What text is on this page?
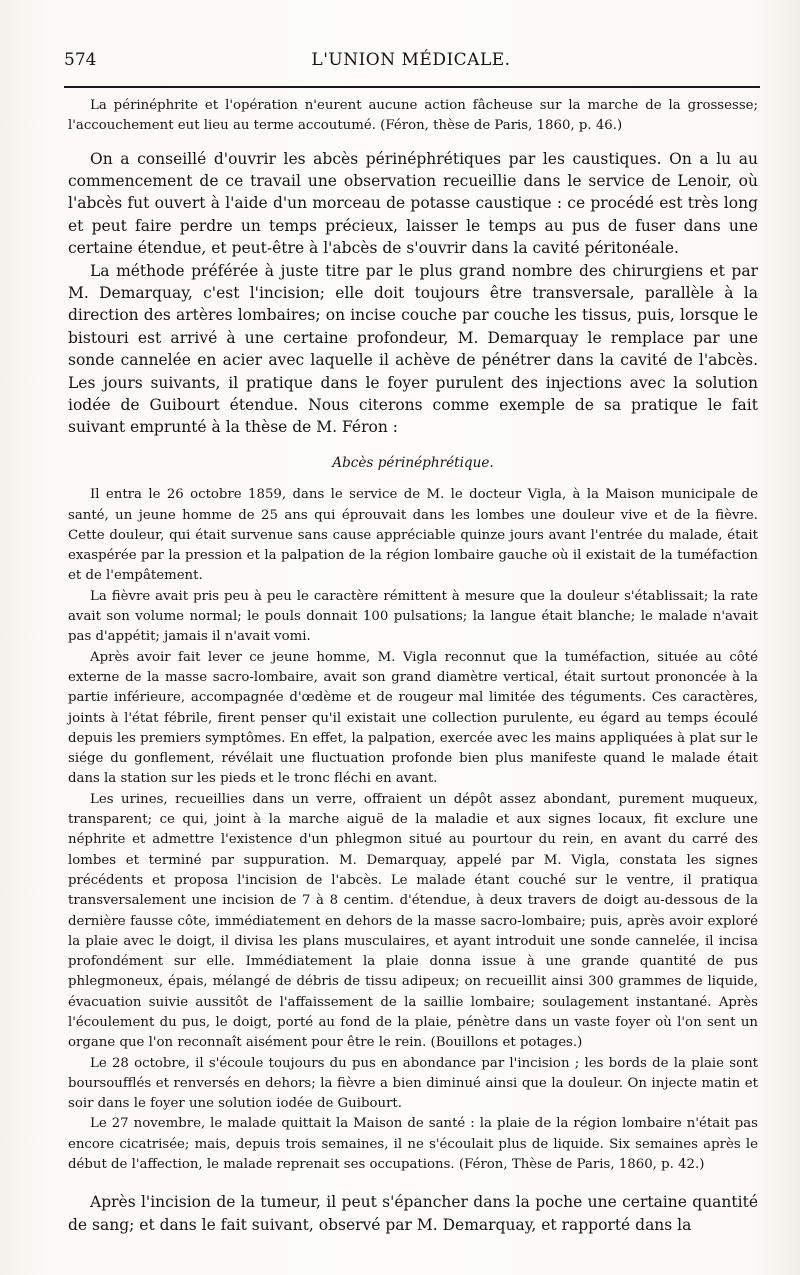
574	L'UNION MÉDICALE.

La périnéphrite et l'opération n'eurent aucune action fâcheuse sur la marche de la grossesse; l'accouchement eut lieu au terme accoutumé. (Féron, thèse de Paris, 1860, p. 46.)

On a conseillé d'ouvrir les abcès périnéphrétiques par les caustiques. On a lu au commencement de ce travail une observation recueillie dans le service de Lenoir, où l'abcès fut ouvert à l'aide d'un morceau de potasse caustique : ce procédé est très long et peut faire perdre un temps précieux, laisser le temps au pus de fuser dans une certaine étendue, et peut-être à l'abcès de s'ouvrir dans la cavité péritonéale.

La méthode préférée à juste titre par le plus grand nombre des chirurgiens et par M. Demarquay, c'est l'incision; elle doit toujours être transversale, parallèle à la direction des artères lombaires; on incise couche par couche les tissus, puis, lorsque le bistouri est arrivé à une certaine profondeur, M. Demarquay le remplace par une sonde cannelée en acier avec laquelle il achève de pénétrer dans la cavité de l'abcès. Les jours suivants, il pratique dans le foyer purulent des injections avec la solution iodée de Guibourt étendue. Nous citerons comme exemple de sa pratique le fait suivant emprunté à la thèse de M. Féron :

Abcès périnéphrétique.

Il entra le 26 octobre 1859, dans le service de M. le docteur Vigla, à la Maison municipale de santé, un jeune homme de 25 ans qui éprouvait dans les lombes une douleur vive et de la fièvre. Cette douleur, qui était survenue sans cause appréciable quinze jours avant l'entrée du malade, était exaspérée par la pression et la palpation de la région lombaire gauche où il existait de la tuméfaction et de l'empâtement.

La fièvre avait pris peu à peu le caractère rémittent à mesure que la douleur s'établissait; la rate avait son volume normal; le pouls donnait 100 pulsations; la langue était blanche; le malade n'avait pas d'appétit; jamais il n'avait vomi.

Après avoir fait lever ce jeune homme, M. Vigla reconnut que la tuméfaction, située au côté externe de la masse sacro-lombaire, avait son grand diamètre vertical, était surtout prononcée à la partie inférieure, accompagnée d'œdème et de rougeur mal limitée des téguments. Ces caractères, joints à l'état fébrile, firent penser qu'il existait une collection purulente, eu égard au temps écoulé depuis les premiers symptômes. En effet, la palpation, exercée avec les mains appliquées à plat sur le siége du gonflement, révélait une fluctuation profonde bien plus manifeste quand le malade était dans la station sur les pieds et le tronc fléchi en avant.

Les urines, recueillies dans un verre, offraient un dépôt assez abondant, purement muqueux, transparent; ce qui, joint à la marche aiguë de la maladie et aux signes locaux, fit exclure une néphrite et admettre l'existence d'un phlegmon situé au pourtour du rein, en avant du carré des lombes et terminé par suppuration. M. Demarquay, appelé par M. Vigla, constata les signes précédents et proposa l'incision de l'abcès. Le malade étant couché sur le ventre, il pratiqua transversalement une incision de 7 à 8 centim. d'étendue, à deux travers de doigt au-dessous de la dernière fausse côte, immédiatement en dehors de la masse sacro-lombaire; puis, après avoir exploré la plaie avec le doigt, il divisa les plans musculaires, et ayant introduit une sonde cannelée, il incisa profondément sur elle. Immédiatement la plaie donna issue à une grande quantité de pus phlegmoneux, épais, mélangé de débris de tissu adipeux; on recueillit ainsi 300 grammes de liquide, évacuation suivie aussitôt de l'affaissement de la saillie lombaire; soulagement instantané. Après l'écoulement du pus, le doigt, porté au fond de la plaie, pénètre dans un vaste foyer où l'on sent un organe que l'on reconnaît aisément pour être le rein. (Bouillons et potages.)

Le 28 octobre, il s'écoule toujours du pus en abondance par l'incision ; les bords de la plaie sont boursoufflés et renversés en dehors; la fièvre a bien diminué ainsi que la douleur. On injecte matin et soir dans le foyer une solution iodée de Guibourt.

Le 27 novembre, le malade quittait la Maison de santé : la plaie de la région lombaire n'était pas encore cicatrisée; mais, depuis trois semaines, il ne s'écoulait plus de liquide. Six semaines après le début de l'affection, le malade reprenait ses occupations. (Féron, Thèse de Paris, 1860, p. 42.)

Après l'incision de la tumeur, il peut s'épancher dans la poche une certaine quantité de sang; et dans le fait suivant, observé par M. Demarquay, et rapporté dans la
